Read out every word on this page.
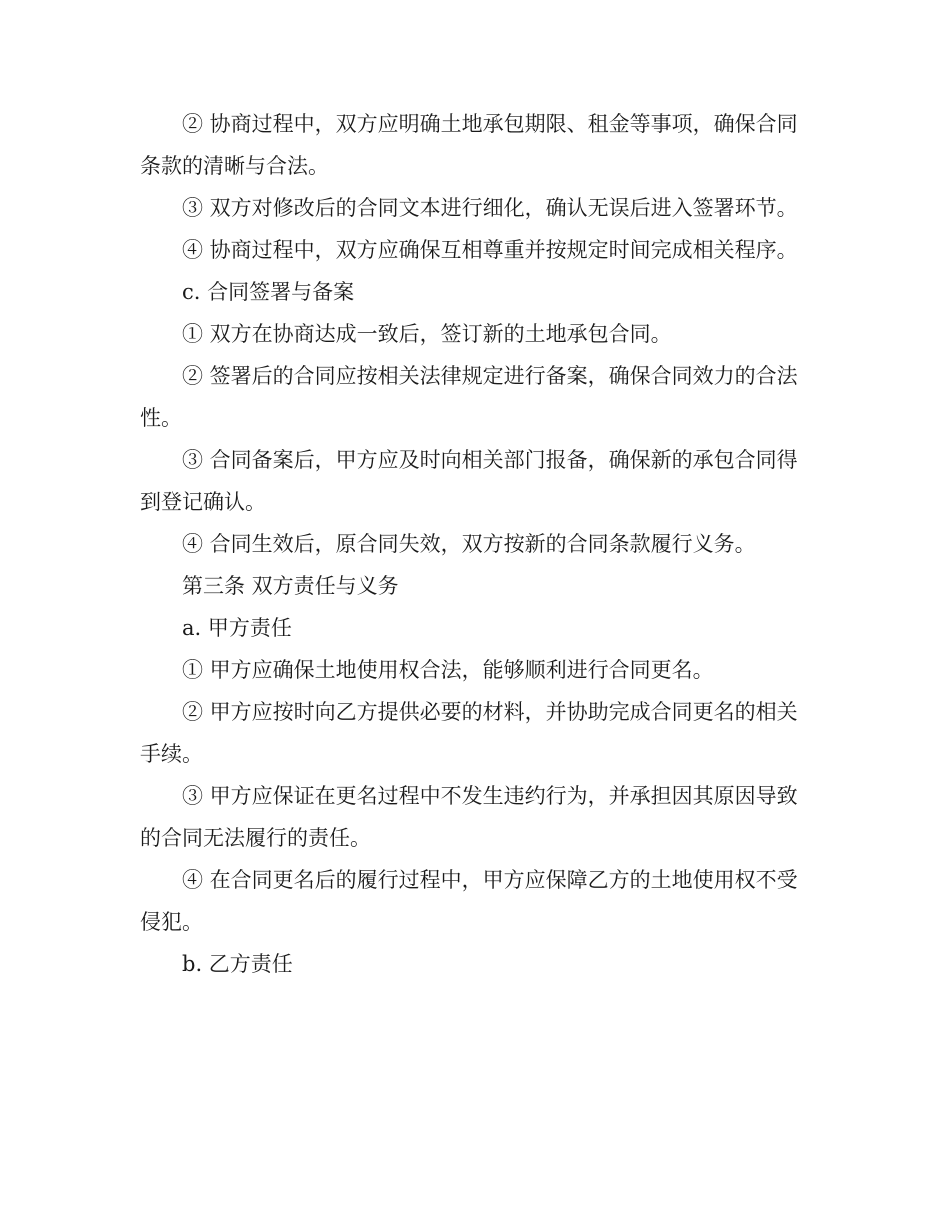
② 协商过程中，双方应明确土地承包期限、租金等事项，确保合同条款的清晰与合法。

③ 双方对修改后的合同文本进行细化，确认无误后进入签署环节。

④ 协商过程中，双方应确保互相尊重并按规定时间完成相关程序。

c. 合同签署与备案

① 双方在协商达成一致后，签订新的土地承包合同。

② 签署后的合同应按相关法律规定进行备案，确保合同效力的合法性。

③ 合同备案后，甲方应及时向相关部门报备，确保新的承包合同得到登记确认。

④ 合同生效后，原合同失效，双方按新的合同条款履行义务。

第三条 双方责任与义务

a. 甲方责任

① 甲方应确保土地使用权合法，能够顺利进行合同更名。

② 甲方应按时向乙方提供必要的材料，并协助完成合同更名的相关手续。

③ 甲方应保证在更名过程中不发生违约行为，并承担因其原因导致的合同无法履行的责任。

④ 在合同更名后的履行过程中，甲方应保障乙方的土地使用权不受侵犯。

b. 乙方责任
